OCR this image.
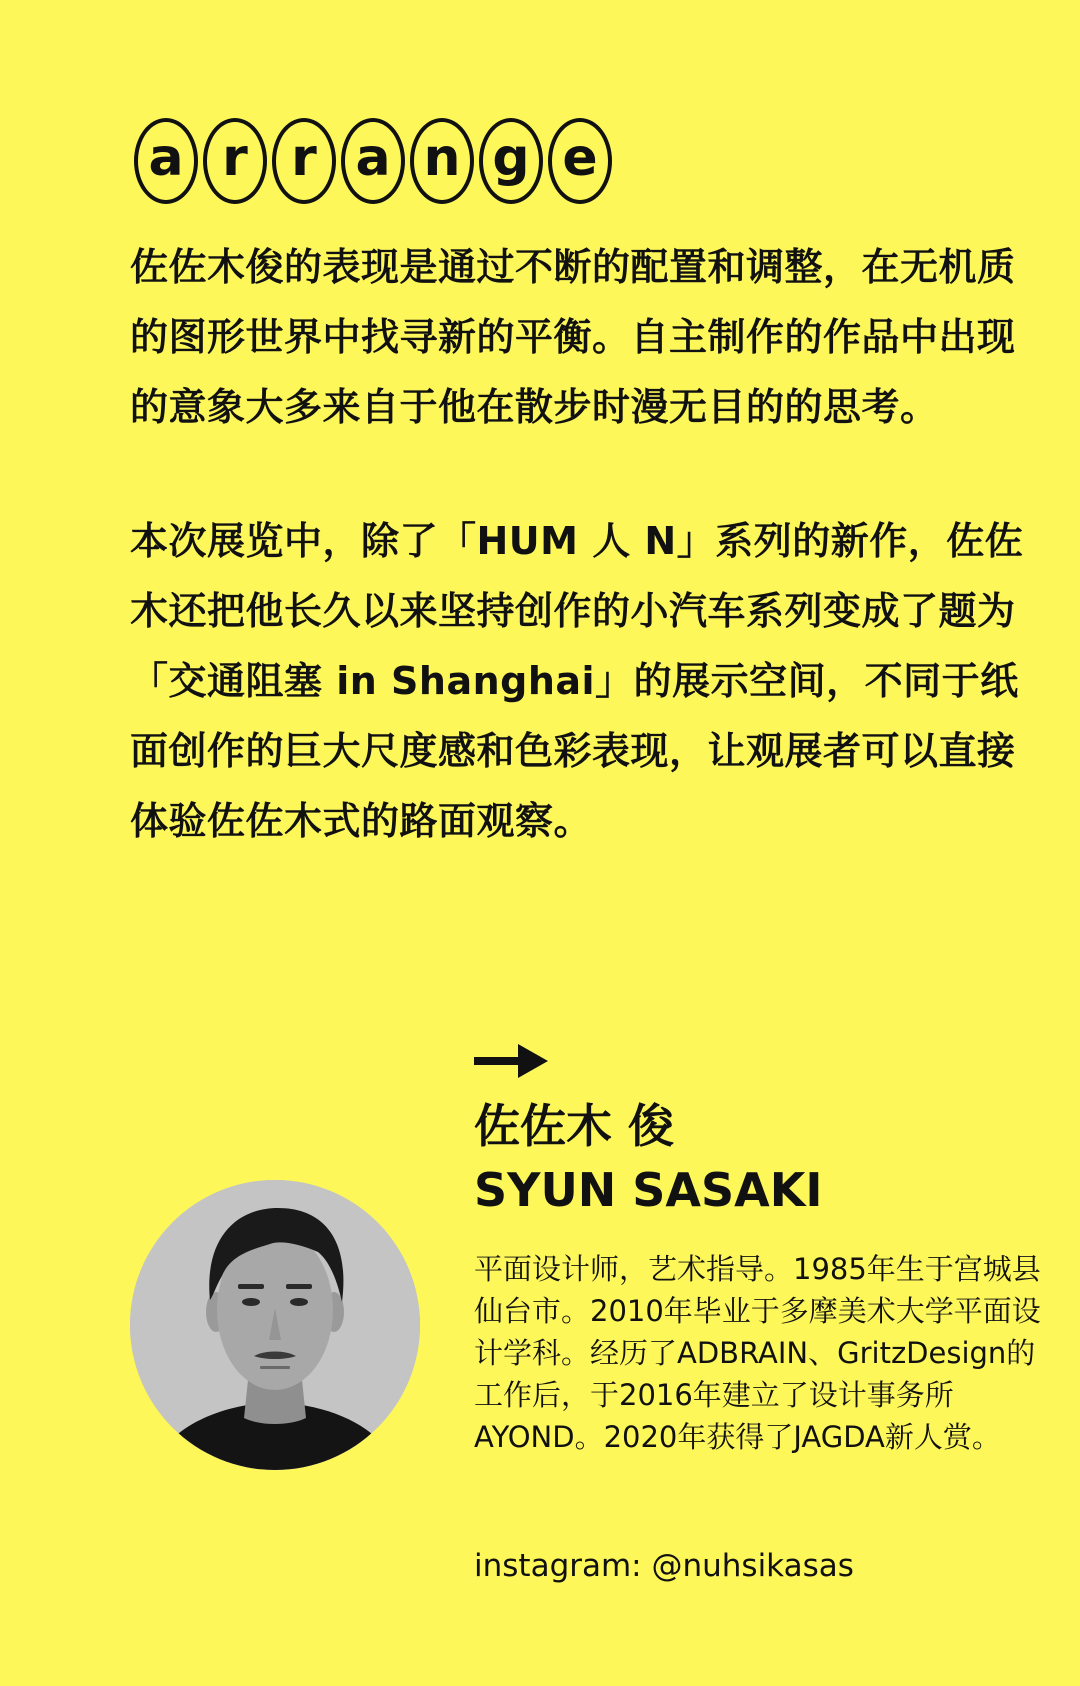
a r r a n g e

佐佐木俊的表现是通过不断的配置和调整，在无机质的图形世界中找寻新的平衡。自主制作的作品中出现的意象大多来自于他在散步时漫无目的的思考。

本次展览中，除了「HUM 人 N」系列的新作，佐佐木还把他长久以来坚持创作的小汽车系列变成了题为「交通阻塞 in Shanghai」的展示空间，不同于纸面创作的巨大尺度感和色彩表现，让观展者可以直接体验佐佐木式的路面观察。

佐佐木 俊

SYUN SASAKI

平面设计师，艺术指导。1985年生于宫城县仙台市。2010年毕业于多摩美术大学平面设计学科。经历了ADBRAIN、GritzDesign的工作后，于2016年建立了设计事务所AYOND。2020年获得了JAGDA新人赏。

instagram: @nuhsikasas
